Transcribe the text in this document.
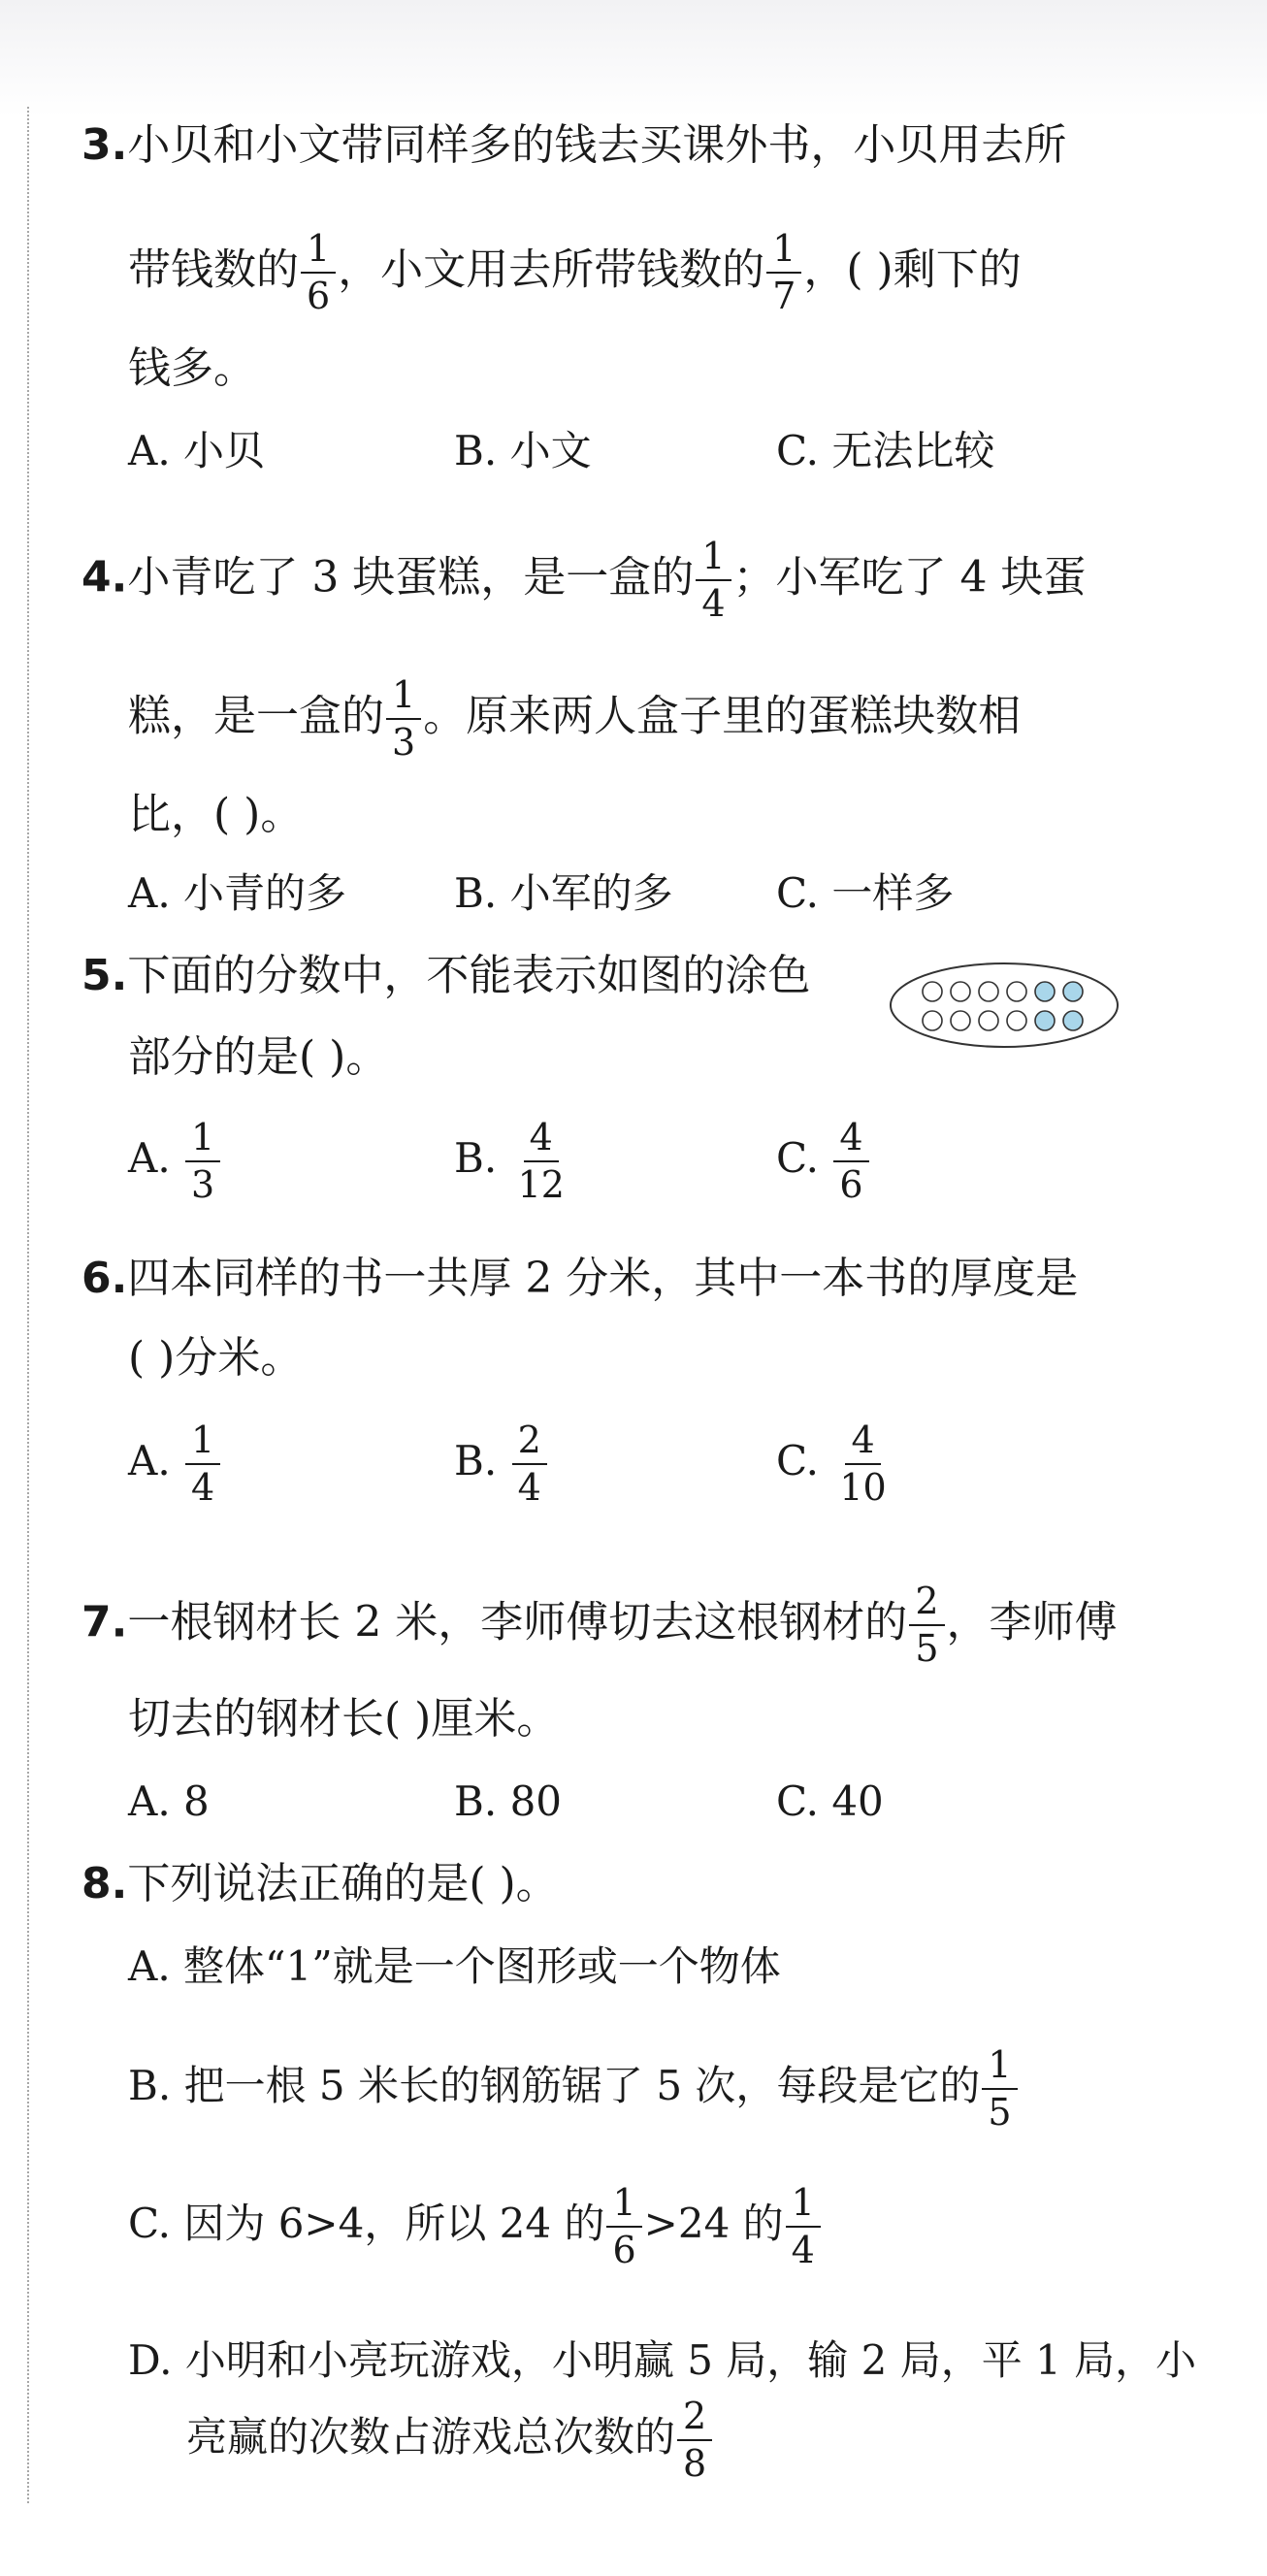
3.小贝和小文带同样多的钱去买课外书，小贝用去所
带钱数的 $\frac{1}{6}$ ，小文用去所带钱数的 $\frac{1}{7}$ ，( )剩下的
钱多。
A. 小贝	B. 小文	C. 无法比较
4.小青吃了 3 块蛋糕，是一盒的 $\frac{1}{4}$ ；小军吃了 4 块蛋
糕，是一盒的 $\frac{1}{3}$ 。原来两人盒子里的蛋糕块数相
比，( )。
A. 小青的多	B. 小军的多	C. 一样多
5.下面的分数中，不能表示如图的涂色
部分的是( )。
A. $\frac{1}{3}$	B. $\frac{4}{12}$	C. $\frac{4}{6}$
6.四本同样的书一共厚 2 分米，其中一本书的厚度是
( )分米。
A. $\frac{1}{4}$	B. $\frac{2}{4}$	C. $\frac{4}{10}$
7.一根钢材长 2 米，李师傅切去这根钢材的 $\frac{2}{5}$ ，李师傅
切去的钢材长( )厘米。
A. 8	B. 80	C. 40
8.下列说法正确的是( )。
A. 整体“1”就是一个图形或一个物体
B. 把一根 5 米长的钢筋锯了 5 次，每段是它的 $\frac{1}{5}$
C. 因为 6>4，所以 24 的 $\frac{1}{6} >24$ 的 $\frac{1}{4}$
D. 小明和小亮玩游戏，小明赢 5 局，输 2 局，平 1 局，小
亮赢的次数占游戏总次数的 $\frac{2}{8}$
